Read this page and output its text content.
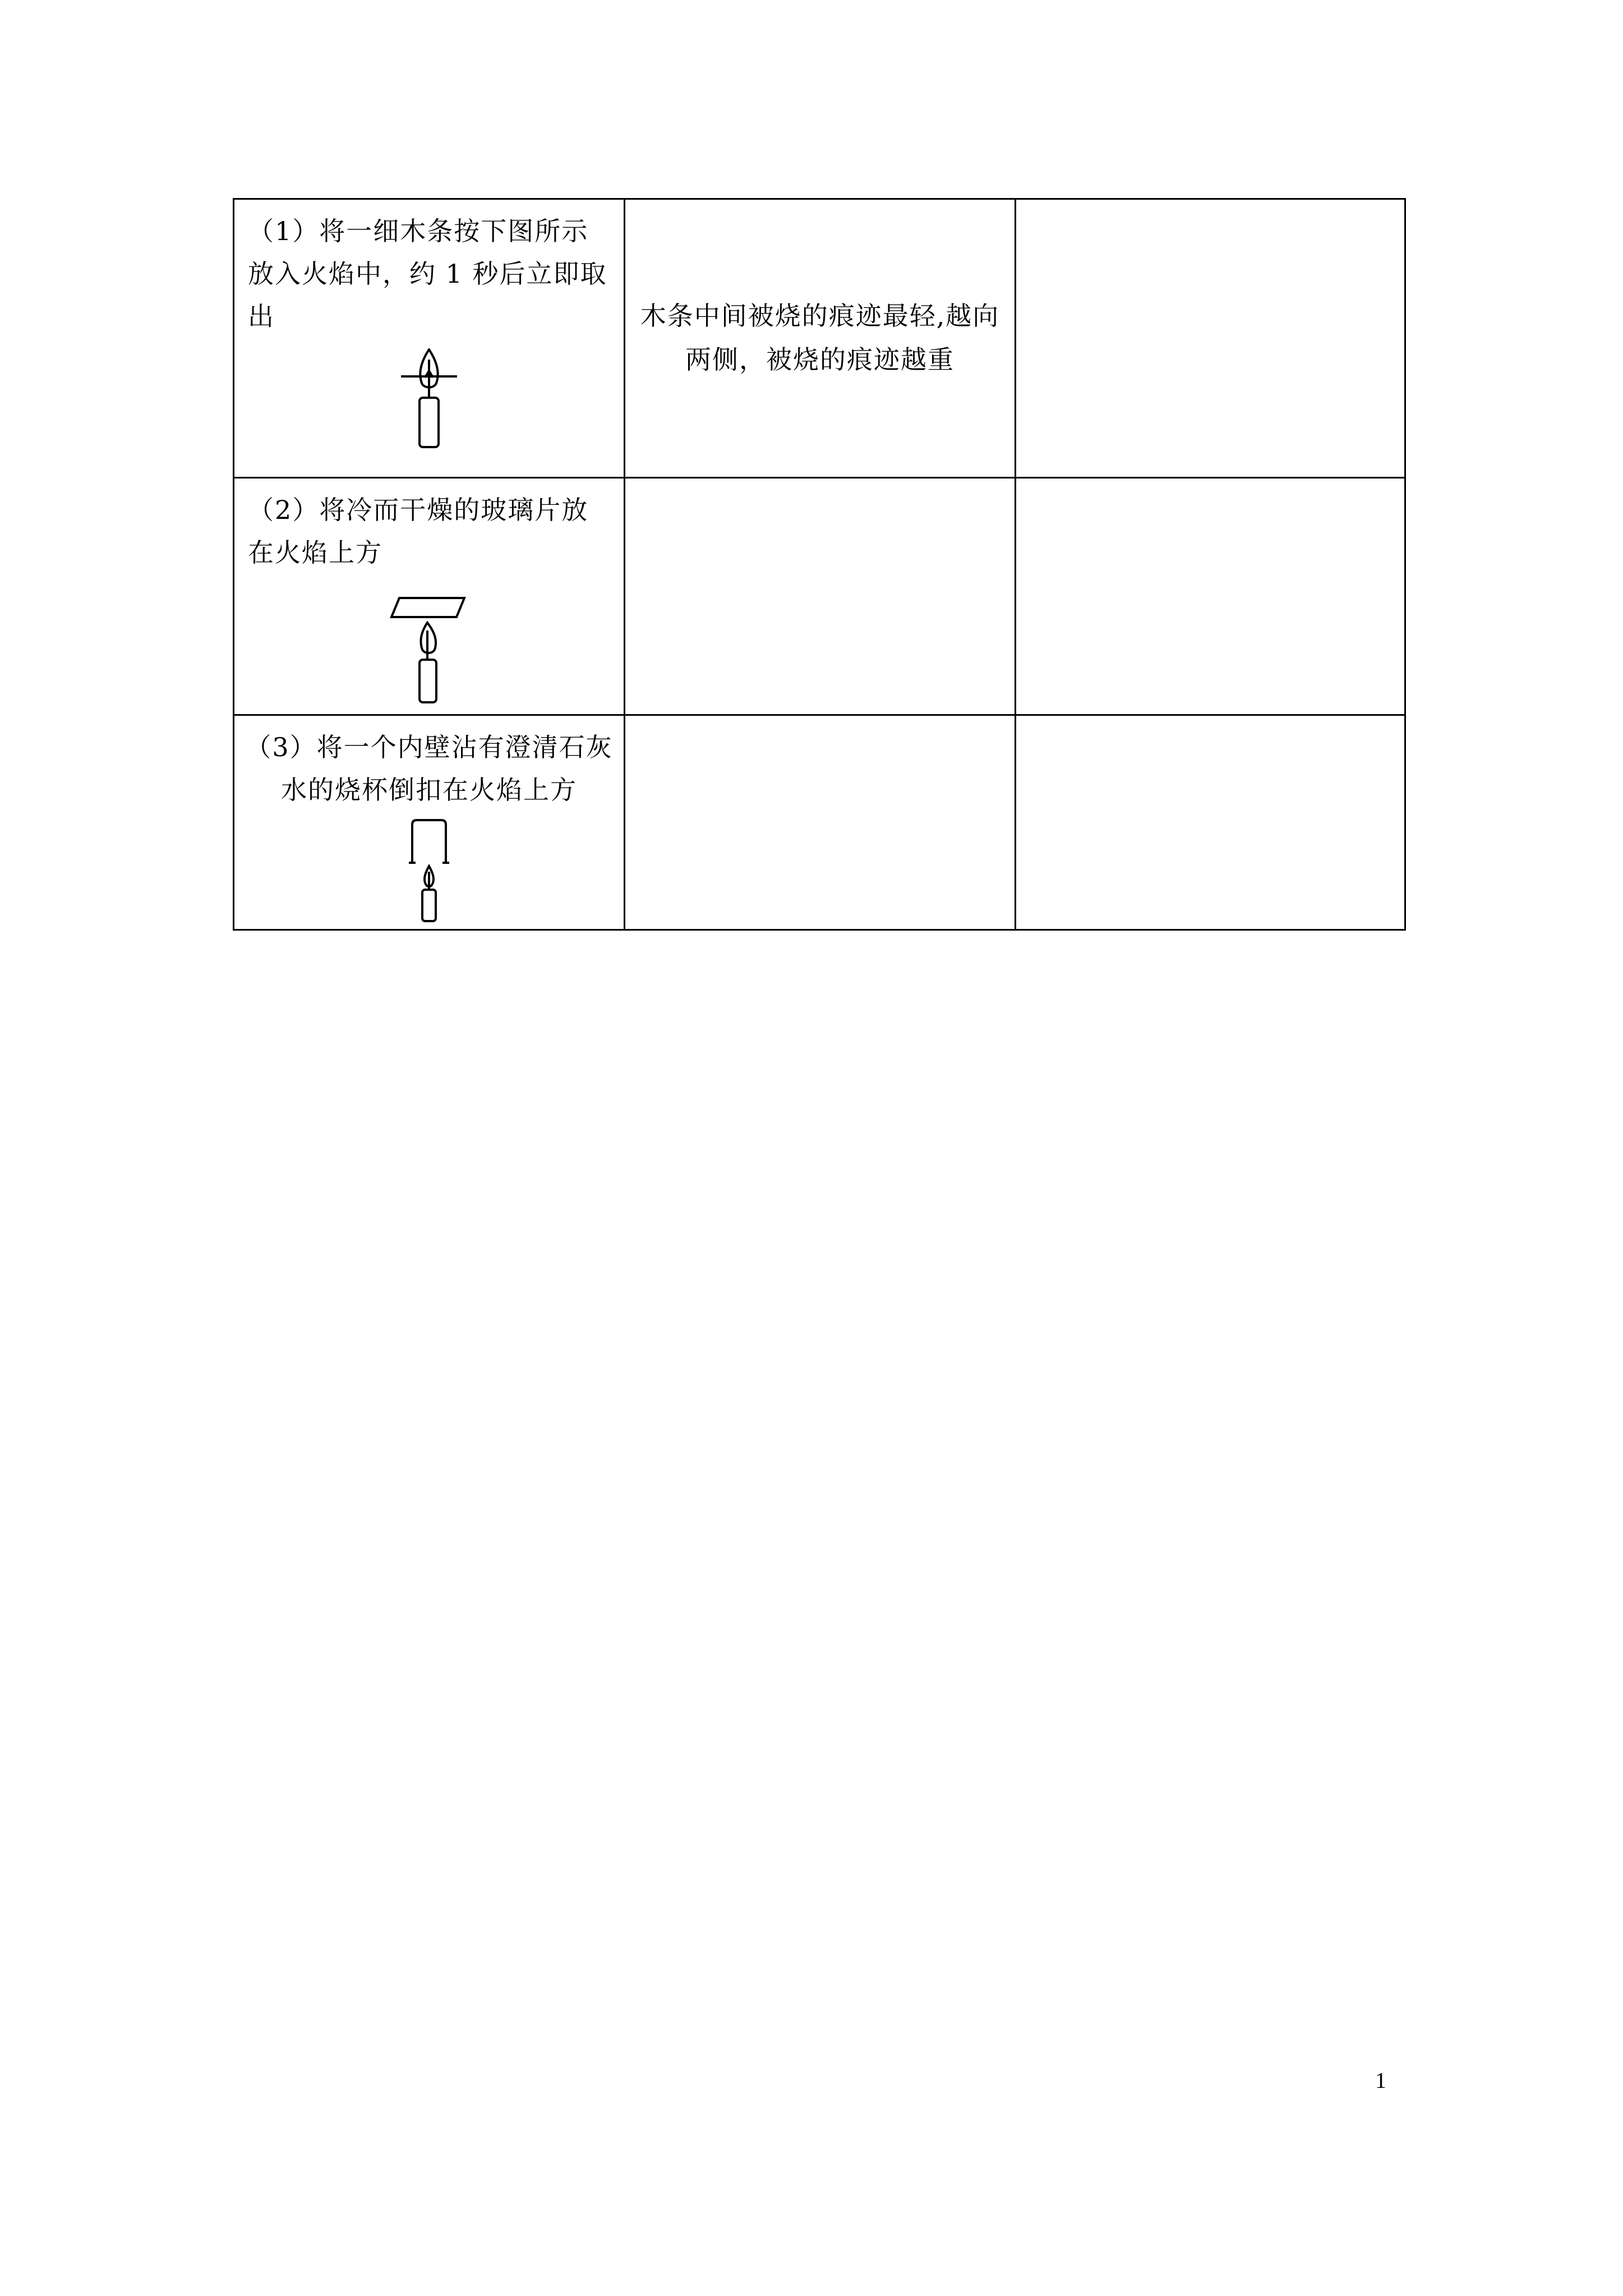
（1）将一细木条按下图所示放入火焰中，约 1 秒后立即取出	木条中间被烧的痕迹最轻,越向两侧，被烧的痕迹越重	

（2）将冷而干燥的玻璃片放在火焰上方		

（3）将一个内壁沾有澄清石灰水的烧杯倒扣在火焰上方		

1
